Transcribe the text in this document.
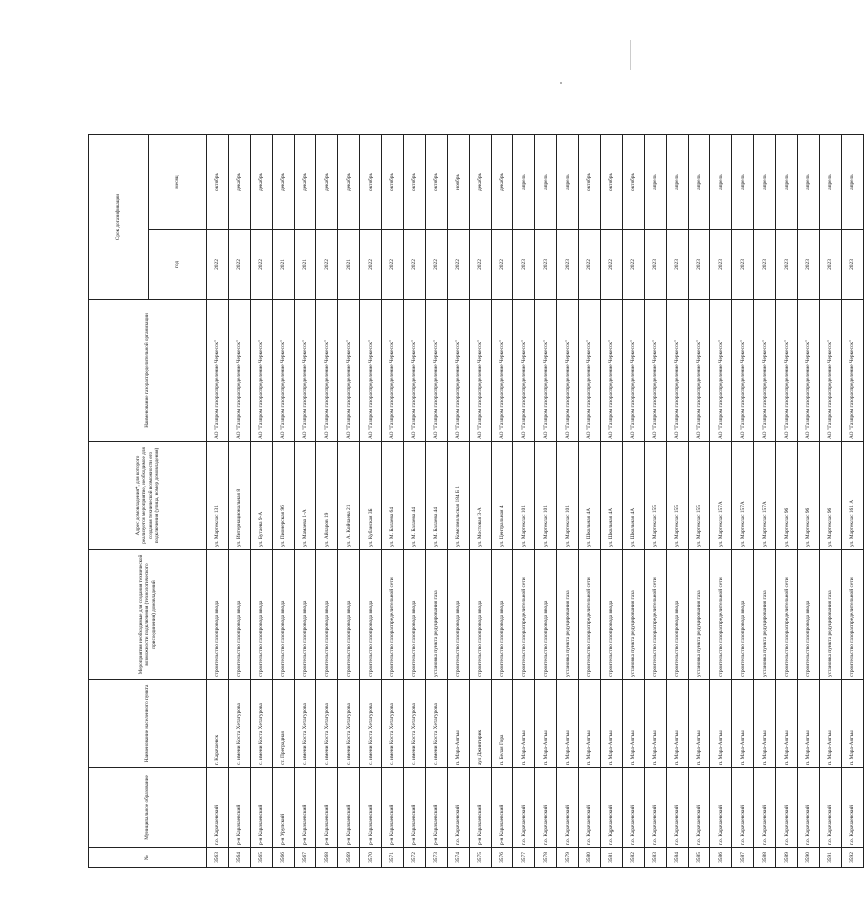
№	Муниципальное образование	Наименование населенного пункта	Мероприятия необходимые для создания технической возможности подключения (технологического присоединения) домовладений	Адрес домовладения*, для которого реализуется мероприятие, необходимое для создания технической возможности его подключения (улица, номер домовладения)	Наименование газораспределительной организации	Срок догазификации	
						год	месяц
3563	г.о. Карачаевский	г. Карачаевск	строительство газопровода ввода	ул. Мартеклас 131	АО "Газпром газораспределение Черкесск"	2022	октябрь
3564	р-н Карачаевский	с. имени Коста Хетагурова	строительство газопровода ввода	ул. Интернациональная 8	АО "Газпром газораспределение Черкесск"	2022	декабрь
3565	р-н Карачаевский	с. имени Коста Хетагурова	строительство газопровода ввода	ул. Бутаева 9-А	АО "Газпром газораспределение Черкесск"	2022	декабрь
3566	р-н Урупский	ст. Преградная	строительство газопровода ввода	ул. Пионерская 96	АО "Газпром газораспределение Черкесск"	2021	декабрь
3567	р-н Карачаевский	с. имени Коста Хетагурова	строительство газопровода ввода	ул. Мамаева 1-А	АО "Газпром газораспределение Черкесск"	2021	декабрь
3568	р-н Карачаевский	с. имени Коста Хетагурова	строительство газопровода ввода	ул. Айларов 19	АО "Газпром газораспределение Черкесск"	2022	декабрь
3569	р-н Карачаевский	с. имени Коста Хетагурова	строительство газопровода ввода	ул. А. Койчаева 21	АО "Газпром газораспределение Черкесск"	2021	декабрь
3570	р-н Карачаевский	с. имени Коста Хетагурова	строительство газопровода ввода	ул. Кубанская 3Б	АО "Газпром газораспределение Черкесск"	2022	октябрь
3571	р-н Карачаевский	с. имени Коста Хетагурова	строительство газораспределительной сети	ул. М. Балаева 64	АО "Газпром газораспределение Черкесск"	2022	октябрь
3572	р-н Карачаевский	с. имени Коста Хетагурова	строительство газопровода ввода	ул. М. Балаева 44	АО "Газпром газораспределение Черкесск"	2022	октябрь
3573	р-н Карачаевский	с. имени Коста Хетагурова	установка пункта редуцирования газа	ул. М. Балаева 44	АО "Газпром газораспределение Черкесск"	2022	октябрь
3574	г.о. Карачаевский	п. Мара-Аягъы	строительство газопровода ввода	ул. Комсомольская 184 Б 1	АО "Газпром газораспределение Черкесск"	2022	ноябрь
3575	р-н Карачаевский	аул Джингирик	строительство газопровода ввода	ул. Мостовая 3-А	АО "Газпром газораспределение Черкесск"	2022	декабрь
3576	р-н Карачаевский	п. Белая Гора	строительство газопровода ввода	ул. Центральная 4	АО "Газпром газораспределение Черкесск"	2022	декабрь
3577	г.о. Карачаевский	п. Мара-Аягъы	строительство газораспределительной сети	ул. Мартеклас 101	АО "Газпром газораспределение Черкесск"	2023	апрель
3578	г.о. Карачаевский	п. Мара-Аягъы	строительство газопровода ввода	ул. Мартеклас 101	АО "Газпром газораспределение Черкесск"	2023	апрель
3579	г.о. Карачаевский	п. Мара-Аягъы	установка пункта редуцирования газа	ул. Мартеклас 101	АО "Газпром газораспределение Черкесск"	2023	апрель
3580	г.о. Карачаевский	п. Мара-Аягъы	строительство газораспределительной сети	ул. Школьная 4А	АО "Газпром газораспределение Черкесск"	2022	октябрь
3581	г.о. Карачаевский	п. Мара-Аягъы	строительство газопровода ввода	ул. Школьная 4А	АО "Газпром газораспределение Черкесск"	2022	октябрь
3582	г.о. Карачаевский	п. Мара-Аягъы	установка пункта редуцирования газа	ул. Школьная 4А	АО "Газпром газораспределение Черкесск"	2022	октябрь
3583	г.о. Карачаевский	п. Мара-Аягъы	строительство газораспределительной сети	ул. Мартеклас 155	АО "Газпром газораспределение Черкесск"	2023	апрель
3584	г.о. Карачаевский	п. Мара-Аягъы	строительство газопровода ввода	ул. Мартеклас 155	АО "Газпром газораспределение Черкесск"	2023	апрель
3585	г.о. Карачаевский	п. Мара-Аягъы	установка пункта редуцирования газа	ул. Мартеклас 155	АО "Газпром газораспределение Черкесск"	2023	апрель
3586	г.о. Карачаевский	п. Мара-Аягъы	строительство газораспределительной сети	ул. Мартеклас 157А	АО "Газпром газораспределение Черкесск"	2023	апрель
3587	г.о. Карачаевский	п. Мара-Аягъы	строительство газопровода ввода	ул. Мартеклас 157А	АО "Газпром газораспределение Черкесск"	2023	апрель
3588	г.о. Карачаевский	п. Мара-Аягъы	установка пункта редуцирования газа	ул. Мартеклас 157А	АО "Газпром газораспределение Черкесск"	2023	апрель
3589	г.о. Карачаевский	п. Мара-Аягъы	строительство газораспределительной сети	ул. Мартеклас 96	АО "Газпром газораспределение Черкесск"	2023	апрель
3590	г.о. Карачаевский	п. Мара-Аягъы	строительство газопровода ввода	ул. Мартеклас 96	АО "Газпром газораспределение Черкесск"	2023	апрель
3591	г.о. Карачаевский	п. Мара-Аягъы	установка пункта редуцирования газа	ул. Мартеклас 96	АО "Газпром газораспределение Черкесск"	2023	апрель
3592	г.о. Карачаевский	п. Мара-Аягъы	строительство газораспределительной сети	ул. Мартеклас 161 А	АО "Газпром газораспределение Черкесск"	2023	апрель
